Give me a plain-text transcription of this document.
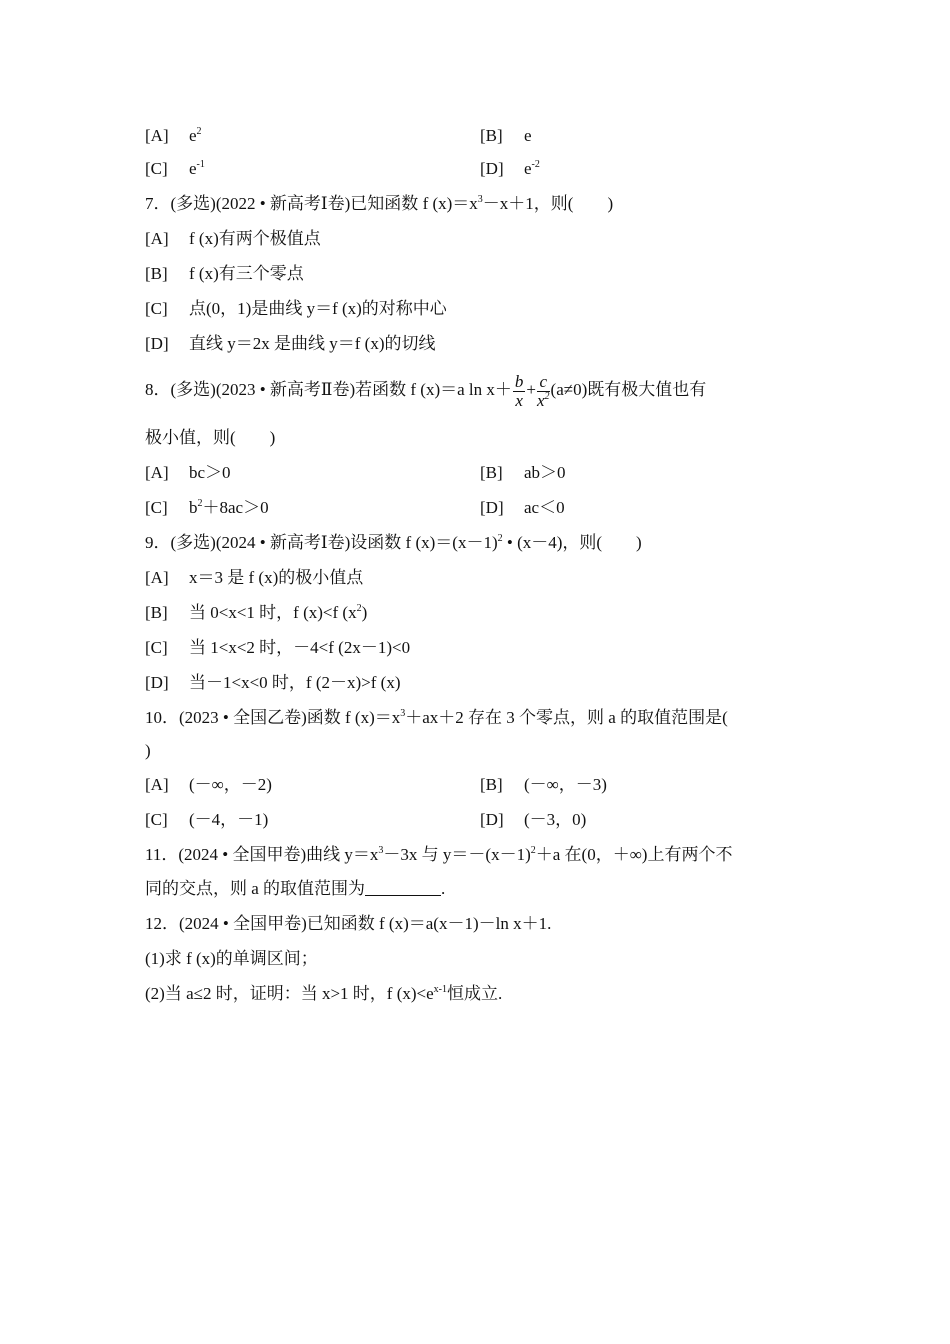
[A] $e^2$	[B] e
[C] $e^{-1}$	[D] $e^{-2}$
7．(多选)(2022 • 新高考Ⅰ卷)已知函数 f $(x)=x^3-x+1$，则(　　)
[A] f (x)有两个极值点
[B] f (x)有三个零点
[C] 点(0，1)是曲线 y＝f (x)的对称中心
[D] 直线 y＝2x 是曲线 y＝f (x)的切线
8．(多选)(2023 • 新高考Ⅱ卷)若函数 f (x)＝a $\ln x+ \frac{b}{x} + \frac{c}{x^2} (a\ne 0)$既有极大值也有
极小值，则(　　)
[A] bc＞0	[B] ab＞0
[C] $b^2+8ac>0$	[D] ac＜0
9．(多选)(2024 • 新高考Ⅰ卷)设函数 f $(x)=(x-1)^2$ • (x－4)，则(　　)
[A] x＝3 是 f (x)的极小值点
[B] 当 0<x<1 时，f (x)<f $(x^2)$
[C] 当 1<x<2 时，－4<f (2x－1)<0
[D] 当－1<x<0 时，f (2－x)>f (x)
10．(2023 • 全国乙卷)函数 f $(x)=x^3+ax+2$ 存在 3 个零点，则 a 的取值范围是(
)
[A] (－∞，－2)	[B] (－∞，－3)
[C] (－4，－1)	[D] (－3，0)
11．(2024 • 全国甲卷)曲线 $y=x^3-3x$ 与 $y=-(x-1)^2+a$ 在(0，＋∞)上有两个不
同的交点，则 a 的取值范围为	.
12．(2024 • 全国甲卷)已知函数 f (x)＝a(x－1)－ln x＋1.
(1)求 f (x)的单调区间；
(2)当 a≤2 时，证明：当 x>1 时，f $(x)<e^{x-1}$恒成立.
